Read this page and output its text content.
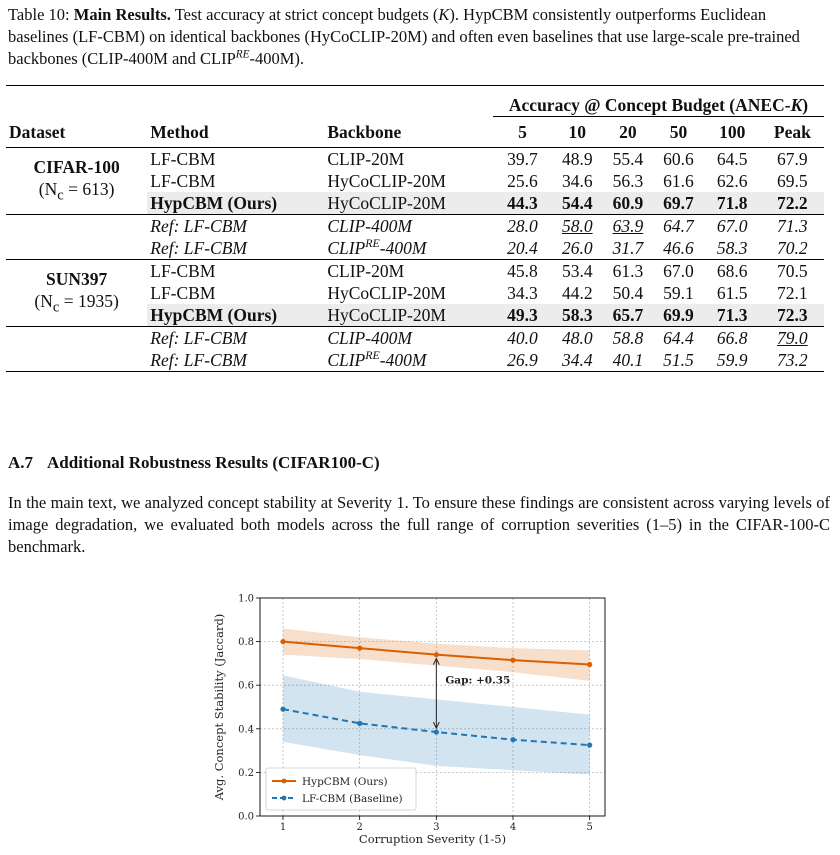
Table 10: Main Results. Test accuracy at strict concept budgets (K). HypCBM consistently outperforms Euclidean baselines (LF-CBM) on identical backbones (HyCoCLIP-20M) and often even baselines that use large-scale pre-trained backbones (CLIP-400M and $CLIP^{RE}-400M$).

			Accuracy @ Concept Budget (ANEC-K)					
Dataset	Method	Backbone	5	10	20	50	100	Peak

CIFAR-100
$(N_c = 613)$	LF-CBM	CLIP-20M	39.7	48.9	55.4	60.6	64.5	67.9
	LF-CBM	HyCoCLIP-20M	25.6	34.6	56.3	61.6	62.6	69.5
	HypCBM (Ours)	HyCoCLIP-20M	44.3	54.4	60.9	69.7	71.8	72.2
	Ref: LF-CBM	CLIP-400M	28.0	58.0	63.9	64.7	67.0	71.3
	Ref: LF-CBM	$CLIP^{RE}-400M$	20.4	26.0	31.7	46.6	58.3	70.2

SUN397
$(N_c = 1935)$	LF-CBM	CLIP-20M	45.8	53.4	61.3	67.0	68.6	70.5
	LF-CBM	HyCoCLIP-20M	34.3	44.2	50.4	59.1	61.5	72.1
	HypCBM (Ours)	HyCoCLIP-20M	49.3	58.3	65.7	69.9	71.3	72.3
	Ref: LF-CBM	CLIP-400M	40.0	48.0	58.8	64.4	66.8	79.0
	Ref: LF-CBM	$CLIP^{RE}-400M$	26.9	34.4	40.1	51.5	59.9	73.2
A.7 Additional Robustness Results (CIFAR100-C)
In the main text, we analyzed concept stability at Severity 1. To ensure these findings are consistent across varying levels of image degradation, we evaluated both models across the full range of corruption severities (1–5) in the CIFAR-100-C benchmark.
0.0
0.2
0.4
0.6
0.8
1.0
1	2	3	4	5
Corruption Severity (1-5)
Avg. Concept Stability (Jaccard)	Gap: +0.35
HypCBM (Ours)
LF-CBM (Baseline)
